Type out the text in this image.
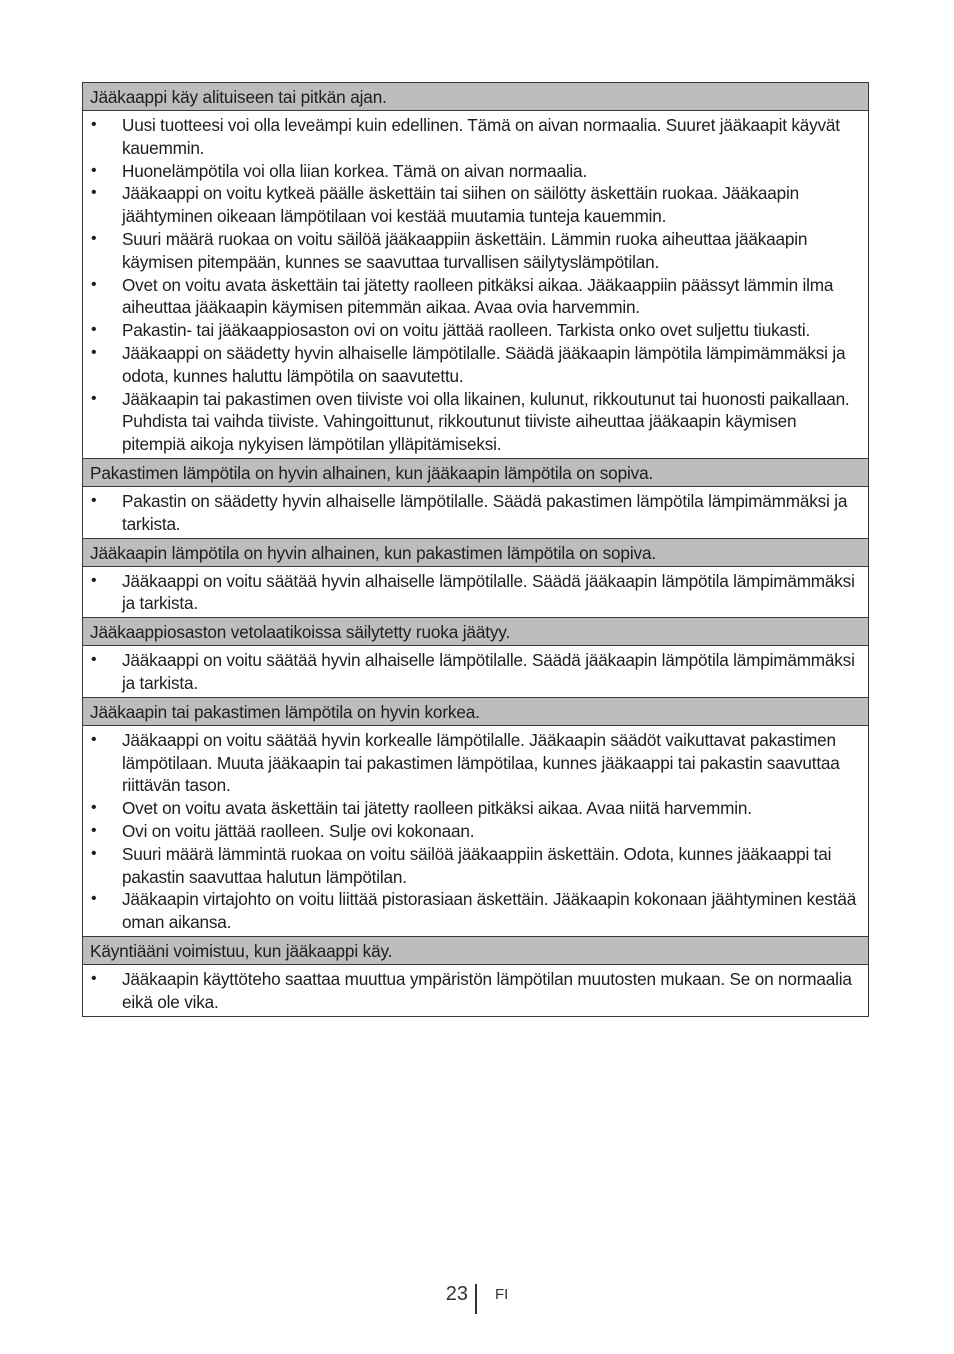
Jääkaappi käy alituiseen tai pitkän ajan.
•	Uusi tuotteesi voi olla leveämpi kuin edellinen. Tämä on aivan normaalia. Suuret jääkaapit käyvät kauemmin.
•	Huonelämpötila voi olla liian korkea. Tämä on aivan normaalia.
•	Jääkaappi on voitu kytkeä päälle äskettäin tai siihen on säilötty äskettäin ruokaa. Jääkaapin jäähtyminen oikeaan lämpötilaan voi kestää muutamia tunteja kauemmin.
•	Suuri määrä ruokaa on voitu säilöä jääkaappiin äskettäin. Lämmin ruoka aiheuttaa jääkaapin käymisen pitempään, kunnes se saavuttaa turvallisen säilytyslämpötilan.
•	Ovet on voitu avata äskettäin tai jätetty raolleen pitkäksi aikaa. Jääkaappiin päässyt lämmin ilma aiheuttaa jääkaapin käymisen pitemmän aikaa. Avaa ovia harvemmin.
•	Pakastin- tai jääkaappiosaston ovi on voitu jättää raolleen. Tarkista onko ovet suljettu tiukasti.
•	Jääkaappi on säädetty hyvin alhaiselle lämpötilalle. Säädä jääkaapin lämpötila lämpimämmäksi ja odota, kunnes haluttu lämpötila on saavutettu.
•	Jääkaapin tai pakastimen oven tiiviste voi olla likainen, kulunut, rikkoutunut tai huonosti paikallaan. Puhdista tai vaihda tiiviste. Vahingoittunut, rikkoutunut tiiviste aiheuttaa jääkaapin käymisen pitempiä aikoja nykyisen lämpötilan ylläpitämiseksi.
Pakastimen lämpötila on hyvin alhainen, kun jääkaapin lämpötila on sopiva.
•	Pakastin on säädetty hyvin alhaiselle lämpötilalle. Säädä pakastimen lämpötila lämpimämmäksi ja tarkista.
Jääkaapin lämpötila on hyvin alhainen, kun pakastimen lämpötila on sopiva.
•	Jääkaappi on voitu säätää hyvin alhaiselle lämpötilalle. Säädä jääkaapin lämpötila lämpimämmäksi ja tarkista.
Jääkaappiosaston vetolaatikoissa säilytetty ruoka jäätyy.
•	Jääkaappi on voitu säätää hyvin alhaiselle lämpötilalle. Säädä jääkaapin lämpötila lämpimämmäksi ja tarkista.
Jääkaapin tai pakastimen lämpötila on hyvin korkea.
•	Jääkaappi on voitu säätää hyvin korkealle lämpötilalle. Jääkaapin säädöt vaikuttavat pakastimen lämpötilaan. Muuta jääkaapin tai pakastimen lämpötilaa, kunnes jääkaappi tai pakastin saavuttaa riittävän tason.
•	Ovet on voitu avata äskettäin tai jätetty raolleen pitkäksi aikaa. Avaa niitä harvemmin.
•	Ovi on voitu jättää raolleen. Sulje ovi kokonaan.
•	Suuri määrä lämmintä ruokaa on voitu säilöä jääkaappiin äskettäin. Odota, kunnes jääkaappi tai pakastin saavuttaa halutun lämpötilan.
•	Jääkaapin virtajohto on voitu liittää pistorasiaan äskettäin. Jääkaapin kokonaan jäähtyminen kestää oman aikansa.
Käyntiääni voimistuu, kun jääkaappi käy.
•	Jääkaapin käyttöteho saattaa muuttua ympäristön lämpötilan muutosten mukaan. Se on normaalia eikä ole vika.
23 FI
